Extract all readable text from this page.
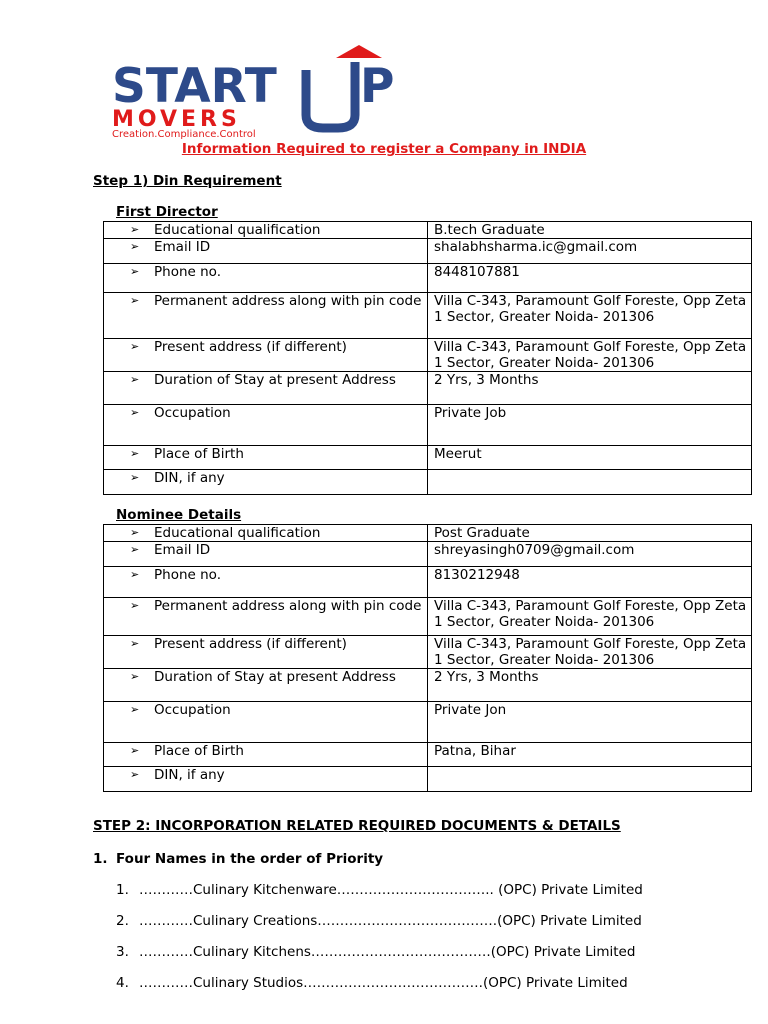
START P
MOVERS
Creation.Compliance.Control
Information Required to register a Company in INDIA
Step 1) Din Requirement
First Director
➢ Educational qualification	B.tech Graduate

➢ Email ID	shalabhsharma.ic@gmail.com

➢ Phone no.	8448107881

➢ Permanent address along with pin code	Villa C-343, Paramount Golf Foreste, Opp Zeta 1 Sector, Greater Noida- 201306

➢ Present address (if different)	Villa C-343, Paramount Golf Foreste, Opp Zeta 1 Sector, Greater Noida- 201306

➢ Duration of Stay at present Address	2 Yrs, 3 Months

➢ Occupation	Private Job

➢ Place of Birth	Meerut

➢ DIN, if any	

Nominee Details
➢ Educational qualification	Post Graduate

➢ Email ID	shreyasingh0709@gmail.com

➢ Phone no.	8130212948

➢ Permanent address along with pin code	Villa C-343, Paramount Golf Foreste, Opp Zeta 1 Sector, Greater Noida- 201306

➢ Present address (if different)	Villa C-343, Paramount Golf Foreste, Opp Zeta 1 Sector, Greater Noida- 201306

➢ Duration of Stay at present Address	2 Yrs, 3 Months

➢ Occupation	Private Jon

➢ Place of Birth	Patna, Bihar

➢ DIN, if any	

STEP 2: INCORPORATION RELATED REQUIRED DOCUMENTS & DETAILS
1. Four Names in the order of Priority
1. …………Culinary Kitchenware…………………………….. (OPC) Private Limited
2. …………Culinary Creations………………………………….(OPC) Private Limited
3. …………Culinary Kitchens………………………………….(OPC) Private Limited
4. …………Culinary Studios………………………………….(OPC) Private Limited
